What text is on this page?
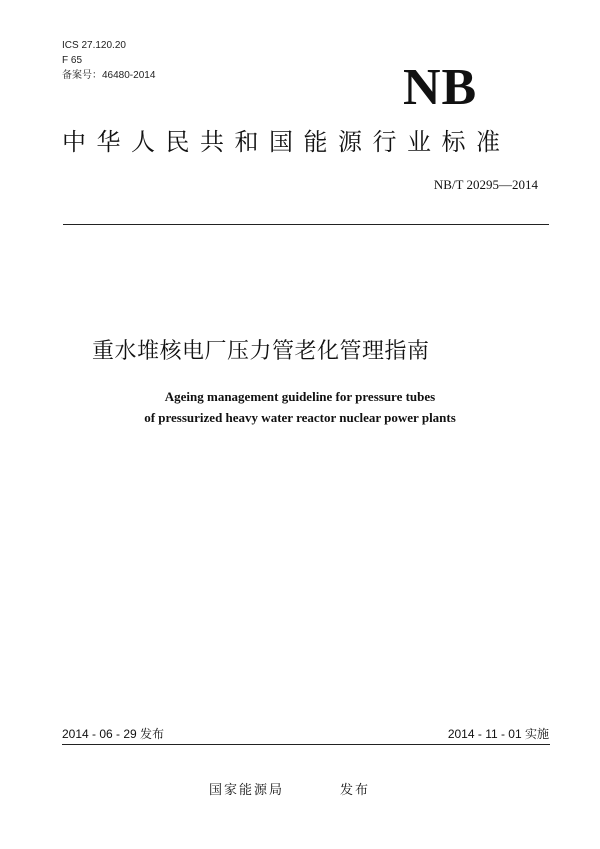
ICS 27.120.20
F 65
备案号：46480-2014	NB
中华人民共和国能源行业标准
NB/T 20295—2014
重水堆核电厂压力管老化管理指南
Ageing management guideline for pressure tubes
of pressurized heavy water reactor nuclear power plants
2014 - 06 - 29 发布	2014 - 11 - 01 实施
国家能源局	发布
